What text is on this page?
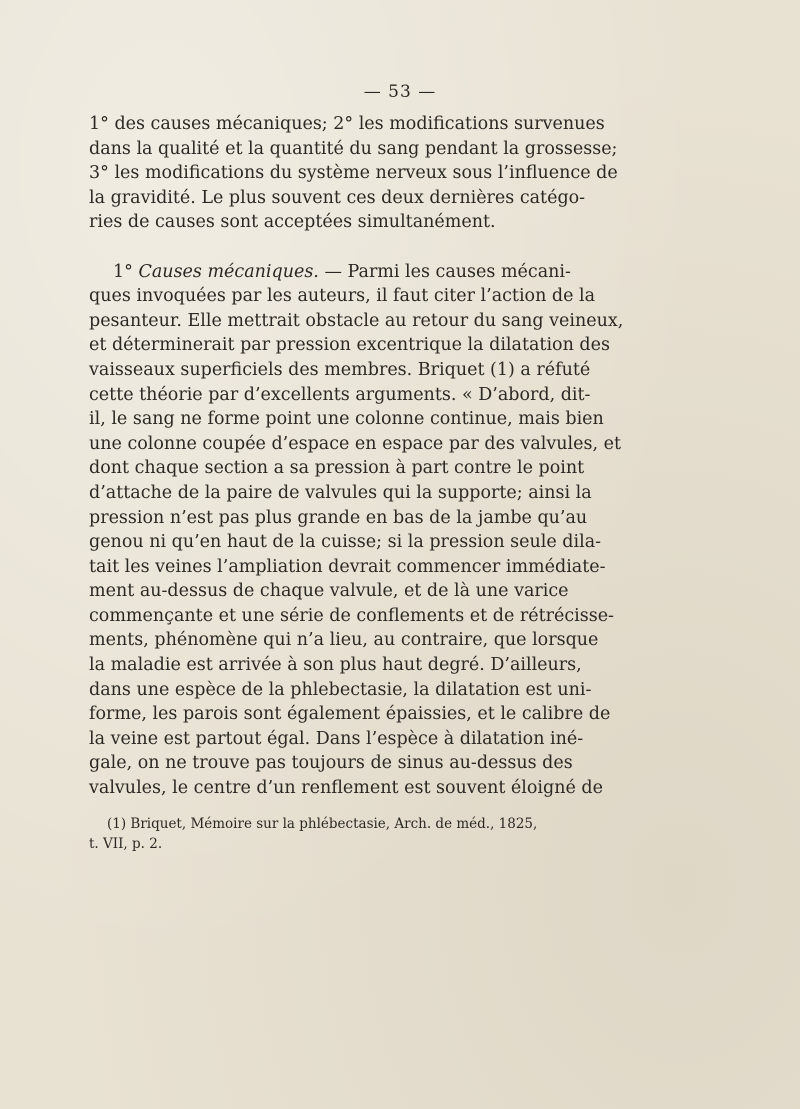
— 53 —
1° des causes mécaniques; 2° les modifications survenues
dans la qualité et la quantité du sang pendant la grossesse;
3° les modifications du système nerveux sous l’influence de
la gravidité. Le plus souvent ces deux dernières catégo-
ries de causes sont acceptées simultanément.
1° Causes mécaniques. — Parmi les causes mécani-
ques invoquées par les auteurs, il faut citer l’action de la
pesanteur. Elle mettrait obstacle au retour du sang veineux,
et déterminerait par pression excentrique la dilatation des
vaisseaux superficiels des membres. Briquet (1) a réfuté
cette théorie par d’excellents arguments. « D’abord, dit-
il, le sang ne forme point une colonne continue, mais bien
une colonne coupée d’espace en espace par des valvules, et
dont chaque section a sa pression à part contre le point
d’attache de la paire de valvules qui la supporte; ainsi la
pression n’est pas plus grande en bas de la jambe qu’au
genou ni qu’en haut de la cuisse; si la pression seule dila-
tait les veines l’ampliation devrait commencer immédiate-
ment au-dessus de chaque valvule, et de là une varice
commençante et une série de conflements et de rétrécisse-
ments, phénomène qui n’a lieu, au contraire, que lorsque
la maladie est arrivée à son plus haut degré. D’ailleurs,
dans une espèce de la phlebectasie, la dilatation est uni-
forme, les parois sont également épaissies, et le calibre de
la veine est partout égal. Dans l’espèce à dilatation iné-
gale, on ne trouve pas toujours de sinus au-dessus des
valvules, le centre d’un renflement est souvent éloigné de
(1) Briquet, Mémoire sur la phlébectasie, Arch. de méd., 1825,
t. VII, p. 2.
